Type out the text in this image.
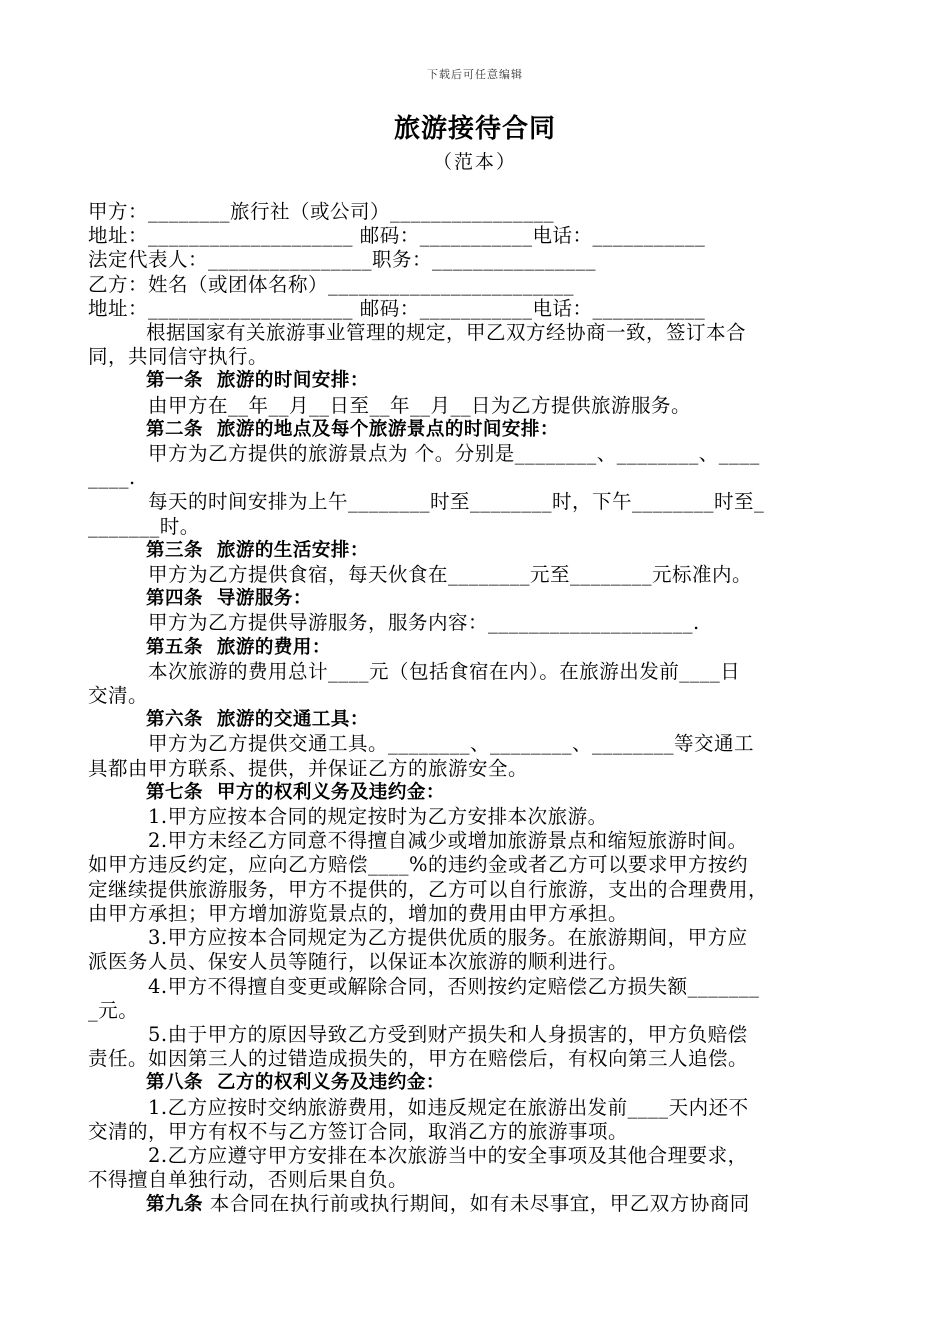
下载后可任意编辑
旅游接待合同
（范本）
甲方：________旅行社（或公司）________________
地址：____________________ 邮码：___________电话：___________
法定代表人：________________职务：________________
乙方：姓名（或团体名称）________________________
地址：____________________ 邮码：___________电话：___________
根据国家有关旅游事业管理的规定，甲乙双方经协商一致，签订本合
同，共同信守执行。
第一条  旅游的时间安排：
由甲方在__年__月__日至__年__月__日为乙方提供旅游服务。
第二条  旅游的地点及每个旅游景点的时间安排：
甲方为乙方提供的旅游景点为 个。分别是________、________、____
____.
每天的时间安排为上午________时至________时，下午________时至_
_______时。
第三条  旅游的生活安排：
甲方为乙方提供食宿，每天伙食在________元至________元标准内。
第四条  导游服务：
甲方为乙方提供导游服务，服务内容：____________________.
第五条  旅游的费用：
本次旅游的费用总计____元（包括食宿在内）。在旅游出发前____日
交清。
第六条  旅游的交通工具：
甲方为乙方提供交通工具。________、________、________等交通工
具都由甲方联系、提供，并保证乙方的旅游安全。
第七条  甲方的权利义务及违约金：
1.甲方应按本合同的规定按时为乙方安排本次旅游。
2.甲方未经乙方同意不得擅自减少或增加旅游景点和缩短旅游时间。
如甲方违反约定，应向乙方赔偿____%的违约金或者乙方可以要求甲方按约
定继续提供旅游服务，甲方不提供的，乙方可以自行旅游，支出的合理费用，
由甲方承担；甲方增加游览景点的，增加的费用由甲方承担。
3.甲方应按本合同规定为乙方提供优质的服务。在旅游期间，甲方应
派医务人员、保安人员等随行，以保证本次旅游的顺利进行。
4.甲方不得擅自变更或解除合同，否则按约定赔偿乙方损失额_______
_元。
5.由于甲方的原因导致乙方受到财产损失和人身损害的，甲方负赔偿
责任。如因第三人的过错造成损失的，甲方在赔偿后，有权向第三人追偿。
第八条  乙方的权利义务及违约金：
1.乙方应按时交纳旅游费用，如违反规定在旅游出发前____天内还不
交清的，甲方有权不与乙方签订合同，取消乙方的旅游事项。
2.乙方应遵守甲方安排在本次旅游当中的安全事项及其他合理要求，
不得擅自单独行动，否则后果自负。
第九条 本合同在执行前或执行期间，如有未尽事宜，甲乙双方协商同
